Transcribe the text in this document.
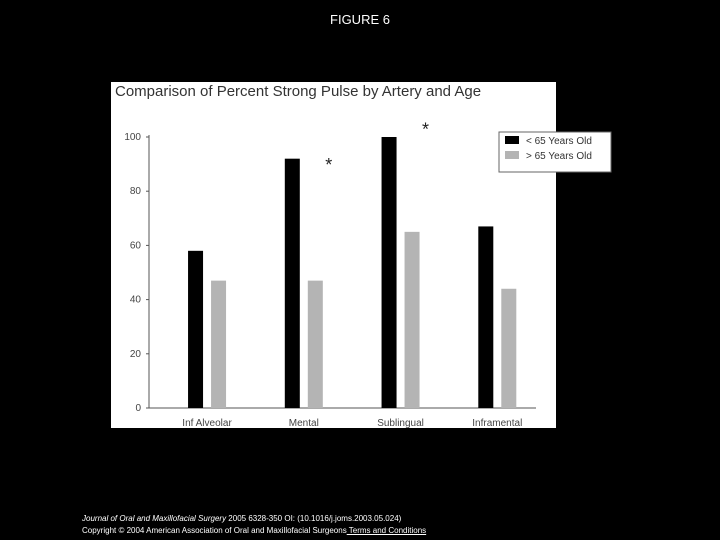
FIGURE 6
Comparison of Percent Strong Pulse by Artery and Age
0
20
40
60
80
100
Inf Alveolar	Mental	Sublingual	Inframental
*
*
< 65 Years Old
> 65 Years Old
Journal of Oral and Maxillofacial Surgery 2005 6328-350 OI: (10.1016/j.joms.2003.05.024)
Copyright © 2004 American Association of Oral and Maxillofacial Surgeons Terms and Conditions
